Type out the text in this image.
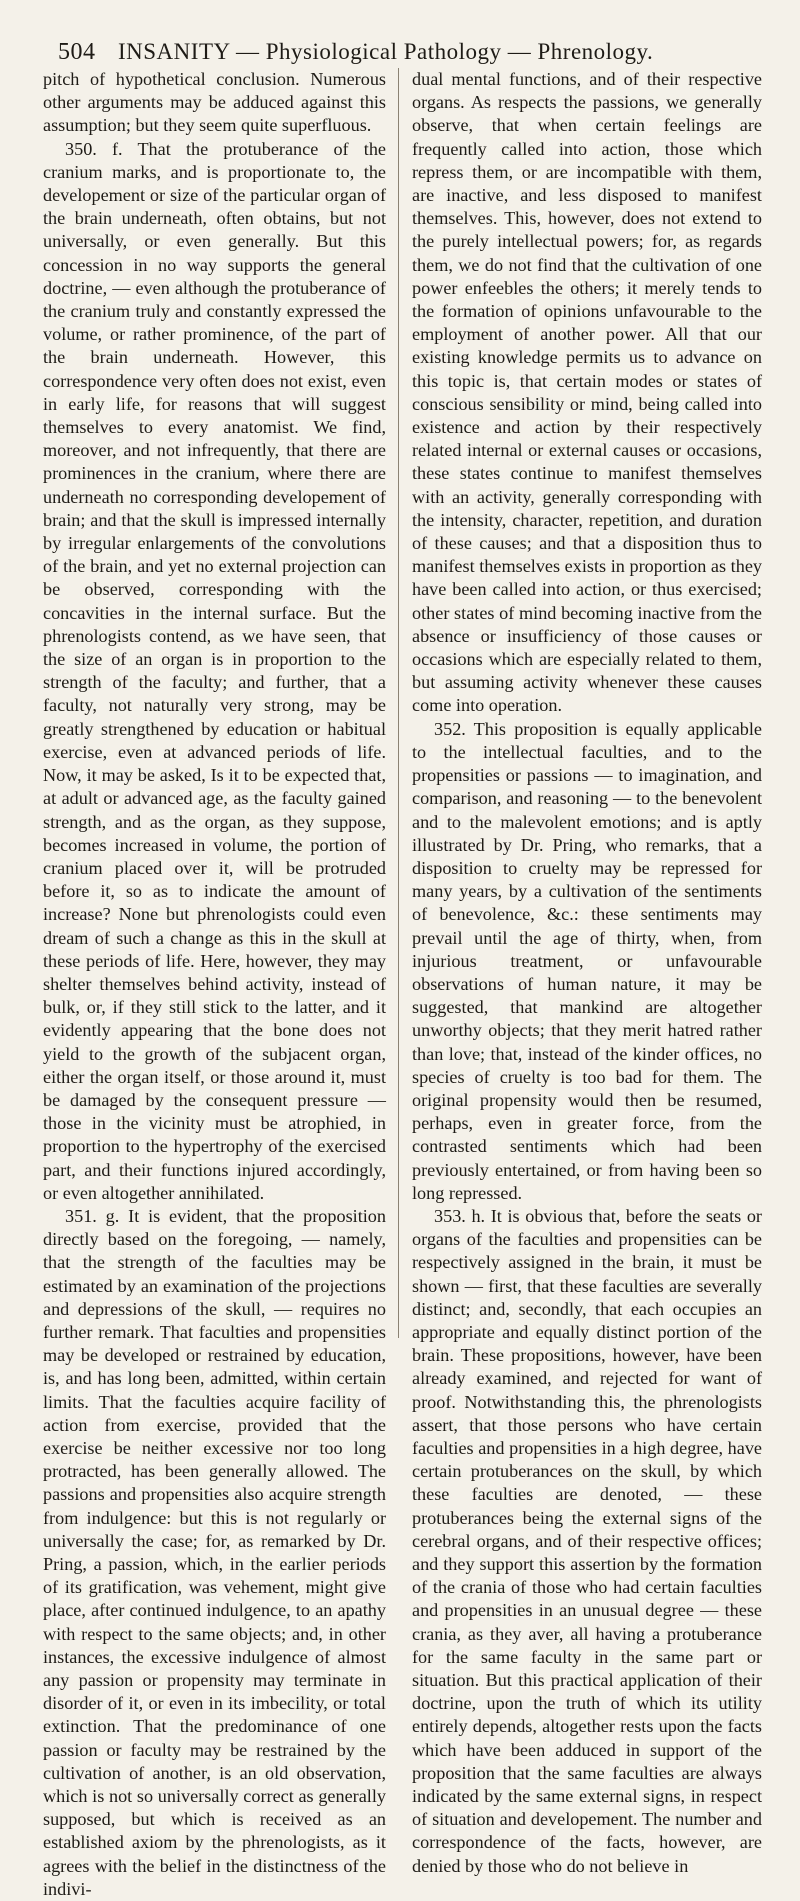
504 INSANITY — Physiological Pathology — Phrenology.

pitch of hypothetical conclusion. Numerous other arguments may be adduced against this assumption; but they seem quite superfluous.

350. f. That the protuberance of the cranium marks, and is proportionate to, the developement or size of the particular organ of the brain underneath, often obtains, but not universally, or even generally. But this concession in no way supports the general doctrine, — even although the protuberance of the cranium truly and constantly expressed the volume, or rather prominence, of the part of the brain underneath. However, this correspondence very often does not exist, even in early life, for reasons that will suggest themselves to every anatomist. We find, moreover, and not infrequently, that there are prominences in the cranium, where there are underneath no corresponding developement of brain; and that the skull is impressed internally by irregular enlargements of the convolutions of the brain, and yet no external projection can be observed, corresponding with the concavities in the internal surface. But the phrenologists contend, as we have seen, that the size of an organ is in proportion to the strength of the faculty; and further, that a faculty, not naturally very strong, may be greatly strengthened by education or habitual exercise, even at advanced periods of life. Now, it may be asked, Is it to be expected that, at adult or advanced age, as the faculty gained strength, and as the organ, as they suppose, becomes increased in volume, the portion of cranium placed over it, will be protruded before it, so as to indicate the amount of increase? None but phrenologists could even dream of such a change as this in the skull at these periods of life. Here, however, they may shelter themselves behind activity, instead of bulk, or, if they still stick to the latter, and it evidently appearing that the bone does not yield to the growth of the subjacent organ, either the organ itself, or those around it, must be damaged by the consequent pressure — those in the vicinity must be atrophied, in proportion to the hypertrophy of the exercised part, and their functions injured accordingly, or even altogether annihilated.

351. g. It is evident, that the proposition directly based on the foregoing, — namely, that the strength of the faculties may be estimated by an examination of the projections and depressions of the skull, — requires no further remark. That faculties and propensities may be developed or restrained by education, is, and has long been, admitted, within certain limits. That the faculties acquire facility of action from exercise, provided that the exercise be neither excessive nor too long protracted, has been generally allowed. The passions and propensities also acquire strength from indulgence: but this is not regularly or universally the case; for, as remarked by Dr. Pring, a passion, which, in the earlier periods of its gratification, was vehement, might give place, after continued indulgence, to an apathy with respect to the same objects; and, in other instances, the excessive indulgence of almost any passion or propensity may terminate in disorder of it, or even in its imbecility, or total extinction. That the predominance of one passion or faculty may be restrained by the cultivation of another, is an old observation, which is not so universally correct as generally supposed, but which is received as an established axiom by the phrenologists, as it agrees with the belief in the distinctness of the indivi-

dual mental functions, and of their respective organs. As respects the passions, we generally observe, that when certain feelings are frequently called into action, those which repress them, or are incompatible with them, are inactive, and less disposed to manifest themselves. This, however, does not extend to the purely intellectual powers; for, as regards them, we do not find that the cultivation of one power enfeebles the others; it merely tends to the formation of opinions unfavourable to the employment of another power. All that our existing knowledge permits us to advance on this topic is, that certain modes or states of conscious sensibility or mind, being called into existence and action by their respectively related internal or external causes or occasions, these states continue to manifest themselves with an activity, generally corresponding with the intensity, character, repetition, and duration of these causes; and that a disposition thus to manifest themselves exists in proportion as they have been called into action, or thus exercised; other states of mind becoming inactive from the absence or insufficiency of those causes or occasions which are especially related to them, but assuming activity whenever these causes come into operation.

352. This proposition is equally applicable to the intellectual faculties, and to the propensities or passions — to imagination, and comparison, and reasoning — to the benevolent and to the malevolent emotions; and is aptly illustrated by Dr. Pring, who remarks, that a disposition to cruelty may be repressed for many years, by a cultivation of the sentiments of benevolence, &c.: these sentiments may prevail until the age of thirty, when, from injurious treatment, or unfavourable observations of human nature, it may be suggested, that mankind are altogether unworthy objects; that they merit hatred rather than love; that, instead of the kinder offices, no species of cruelty is too bad for them. The original propensity would then be resumed, perhaps, even in greater force, from the contrasted sentiments which had been previously entertained, or from having been so long repressed.

353. h. It is obvious that, before the seats or organs of the faculties and propensities can be respectively assigned in the brain, it must be shown — first, that these faculties are severally distinct; and, secondly, that each occupies an appropriate and equally distinct portion of the brain. These propositions, however, have been already examined, and rejected for want of proof. Notwithstanding this, the phrenologists assert, that those persons who have certain faculties and propensities in a high degree, have certain protuberances on the skull, by which these faculties are denoted, — these protuberances being the external signs of the cerebral organs, and of their respective offices; and they support this assertion by the formation of the crania of those who had certain faculties and propensities in an unusual degree — these crania, as they aver, all having a protuberance for the same faculty in the same part or situation. But this practical application of their doctrine, upon the truth of which its utility entirely depends, altogether rests upon the facts which have been adduced in support of the proposition that the same faculties are always indicated by the same external signs, in respect of situation and developement. The number and correspondence of the facts, however, are denied by those who do not believe in
